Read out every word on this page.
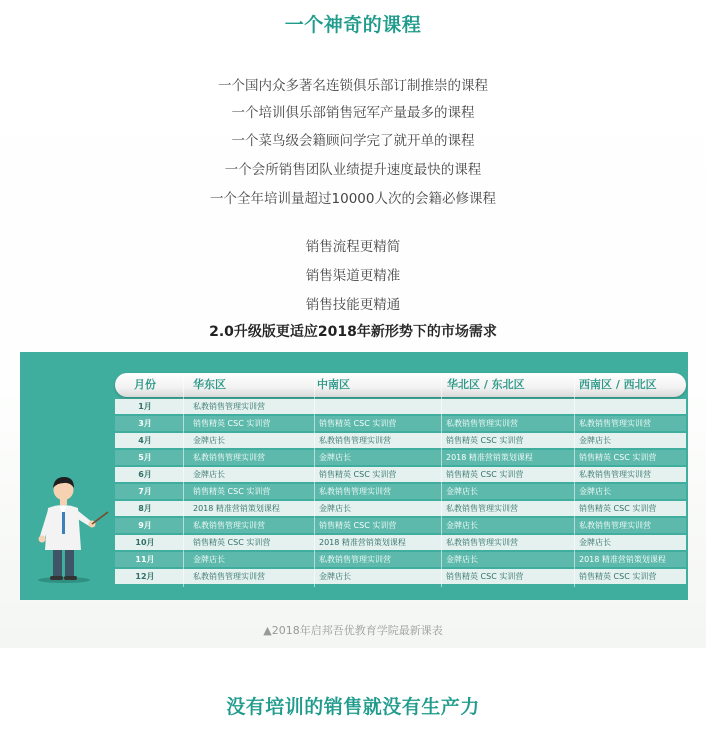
一个神奇的课程
一个国内众多著名连锁俱乐部订制推崇的课程
一个培训俱乐部销售冠军产量最多的课程
一个菜鸟级会籍顾问学完了就开单的课程
一个会所销售团队业绩提升速度最快的课程
一个全年培训量超过10000人次的会籍必修课程
销售流程更精简
销售渠道更精准
销售技能更精通
2.0升级版更适应2018年新形势下的市场需求
月份	华东区	中南区	华北区 / 东北区	西南区 / 西北区
1月	私教销售管理实训营
3月	销售精英 CSC 实训营	销售精英 CSC 实训营	私教销售管理实训营	私教销售管理实训营
4月	金牌店长	私教销售管理实训营	销售精英 CSC 实训营	金牌店长
5月	私教销售管理实训营	金牌店长	2018 精准营销策划课程	销售精英 CSC 实训营
6月	金牌店长	销售精英 CSC 实训营	销售精英 CSC 实训营	私教销售管理实训营
7月	销售精英 CSC 实训营	私教销售管理实训营	金牌店长	金牌店长
8月	2018 精准营销策划课程	金牌店长	私教销售管理实训营	销售精英 CSC 实训营
9月	私教销售管理实训营	销售精英 CSC 实训营	金牌店长	私教销售管理实训营
10月	销售精英 CSC 实训营	2018 精准营销策划课程	私教销售管理实训营	金牌店长
11月	金牌店长	私教销售管理实训营	金牌店长	2018 精准营销策划课程
12月	私教销售管理实训营	金牌店长	销售精英 CSC 实训营	销售精英 CSC 实训营
▲2018年启邦吾优教育学院最新课表
没有培训的销售就没有生产力
